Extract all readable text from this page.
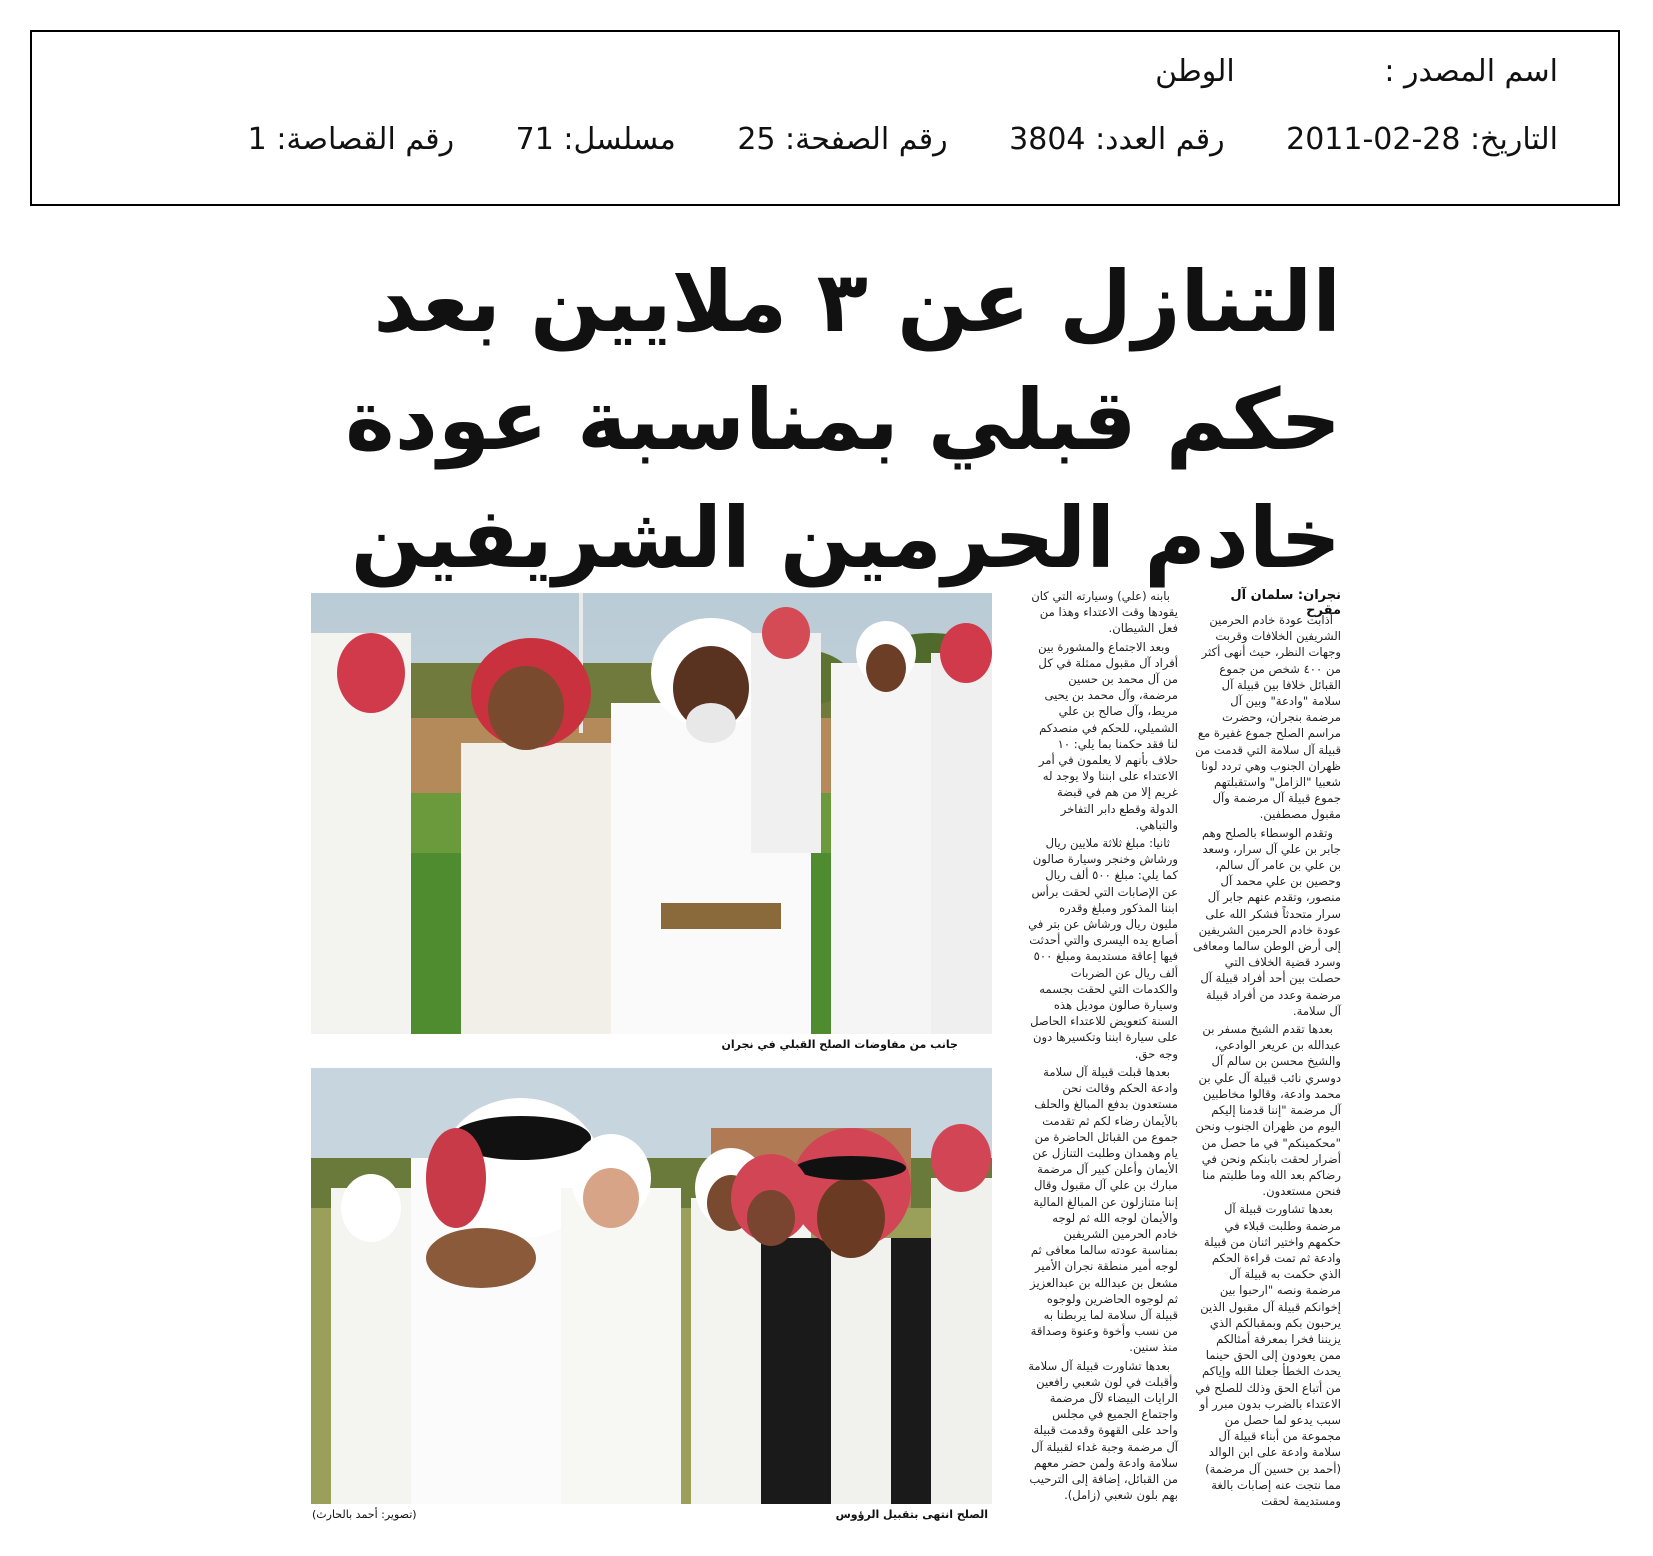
اسم المصدر : الوطن
التاريخ: 2011-02-28 رقم العدد: 3804 رقم الصفحة: 25 مسلسل: 71 رقم القصاصة: 1
التنازل عن ٣ ملايين بعد
حكم قبلي بمناسبة عودة
خادم الحرمين الشريفين
نجران: سلمان آل مقرح

أذابت عودة خادم الحرمين الشريفين الخلافات وقربت وجهات النظر، حيث أنهى أكثر من ٤٠٠ شخص من جموع القبائل خلافا بين قبيلة آل سلامة "وادعة" وبين آل مرضمة بنجران، وحضرت مراسم الصلح جموع غفيرة مع قبيلة آل سلامة التي قدمت من ظهران الجنوب وهي تردد لونا شعبيا "الزامل" واستقبلتهم جموع قبيلة آل مرضمة وآل مقبول مصطفين.

وتقدم الوسطاء بالصلح وهم جابر بن علي آل سرار، وسعد بن علي بن عامر آل سالم، وحصين بن علي محمد آل منصور، وتقدم عنهم جابر آل سرار متحدثاً فشكر الله على عودة خادم الحرمين الشريفين إلى أرض الوطن سالما ومعافى وسرد قضية الخلاف التي حصلت بين أحد أفراد قبيلة آل مرضمة وعدد من أفراد قبيلة آل سلامة.

بعدها تقدم الشيخ مسفر بن عبدالله بن عريعر الوادعي، والشيخ محسن بن سالم آل دوسري نائب قبيلة آل علي بن محمد وادعة، وقالوا مخاطبين آل مرضمة "إننا قدمنا إليكم اليوم من ظهران الجنوب ونحن "محكمينكم" في ما حصل من أضرار لحقت بابنكم ونحن في رضاكم بعد الله وما طلبتم منا فنحن مستعدون.

بعدها تشاورت قبيلة آل مرضمة وطلبت قبلاء في حكمهم واختير اثنان من قبيلة وادعة ثم تمت قراءة الحكم الذي حكمت به قبيلة آل مرضمة ونصه "ارحبوا بين إخوانكم قبيلة آل مقبول الذين يرحبون بكم وبمقبالكم الذي يزيننا فخرا بمعرفة أمثالكم ممن يعودون إلى الحق حينما يحدث الخطأ جعلنا الله وإياكم من أتباع الحق وذلك للصلح في الاعتداء بالضرب بدون مبرر أو سبب يدعو لما حصل من مجموعة من أبناء قبيلة آل سلامة وادعة على ابن الوالد (أحمد بن حسين آل مرضمة) مما نتجت عنه إصابات بالغة ومستديمة لحقت

بابنه (علي) وسيارته التي كان يقودها وقت الاعتداء وهذا من فعل الشيطان.

وبعد الاجتماع والمشورة بين أفراد آل مقبول ممثلة في كل من آل محمد بن حسين مرضمة، وآل محمد بن يحيى مريط، وآل صالح بن علي الشميلي، للحكم في منصدكم لنا فقد حكمنا بما يلي: ١٠ حلاف بأنهم لا يعلمون في أمر الاعتداء على ابننا ولا يوجد له غريم إلا من هم في قبضة الدولة وقطع دابر التفاخر والتباهي.

ثانيا: مبلغ ثلاثة ملايين ريال ورشاش وخنجر وسيارة صالون كما يلي: مبلغ ٥٠٠ ألف ريال عن الإصابات التي لحقت برأس ابننا المذكور ومبلغ وقدره مليون ريال ورشاش عن بتر في أصابع يده اليسرى والتي أحدثت فيها إعاقة مستديمة ومبلغ ٥٠٠ ألف ريال عن الضربات والكدمات التي لحقت بجسمه وسيارة صالون موديل هذه السنة كتعويض للاعتداء الحاصل على سيارة ابننا وتكسيرها دون وجه حق.

بعدها قبلت قبيلة آل سلامة وادعة الحكم وقالت نحن مستعدون بدفع المبالغ والحلف بالأيمان رضاء لكم ثم تقدمت جموع من القبائل الحاضرة من يام وهمدان وطلبت التنازل عن الأيمان وأعلن كبير آل مرضمة مبارك بن علي آل مقبول وقال إننا متنازلون عن المبالغ المالية والأيمان لوجه الله ثم لوجه خادم الحرمين الشريفين بمناسبة عودته سالما معافى ثم لوجه أمير منطقة نجران الأمير مشعل بن عبدالله بن عبدالعزيز ثم لوجوه الحاضرين ولوجوه قبيلة آل سلامة لما يربطنا به من نسب وأخوة وعنوة وصداقة منذ سنين.

بعدها تشاورت قبيلة آل سلامة وأقبلت في لون شعبي رافعين الرايات البيضاء لآل مرضمة واجتماع الجميع في مجلس واحد على القهوة وقدمت قبيلة آل مرضمة وجبة غداء لقبيلة آل سلامة وادعة ولمن حضر معهم من القبائل، إضافة إلى الترحيب بهم بلون شعبي (زامل).

جانب من مفاوضات الصلح القبلي في نجران
الصلح انتهى بتقبيل الرؤوس
(تصوير: أحمد بالحارث)
